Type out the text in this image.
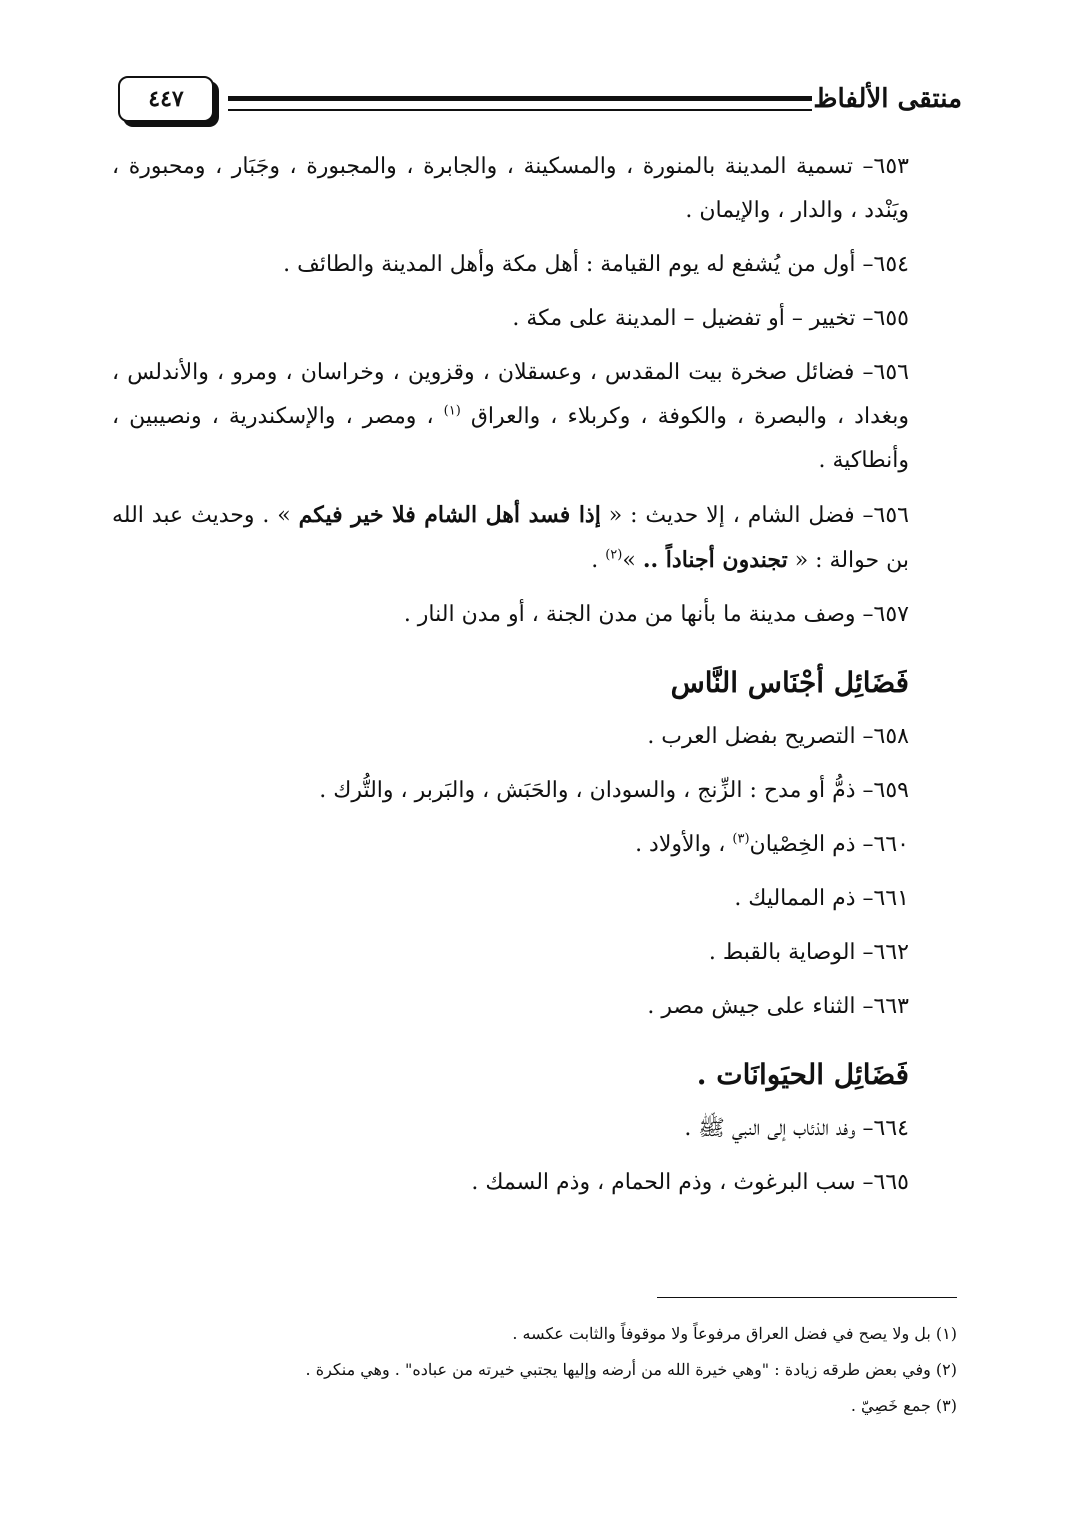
منتقى الألفاظ
٤٤٧

٦٥٣– تسمية المدينة بالمنورة ، والمسكينة ، والجابرة ، والمجبورة ، وجَبَار ، ومحبورة ، ويَنْدد ، والدار ، والإيمان .

٦٥٤– أول من يُشفع له يوم القيامة : أهل مكة وأهل المدينة والطائف .

٦٥٥– تخيير – أو تفضيل – المدينة على مكة .

٦٥٦– فضائل صخرة بيت المقدس ، وعسقلان ، وقزوين ، وخراسان ، ومرو ، والأندلس ، وبغداد ، والبصرة ، والكوفة ، وكربلاء ، والعراق $^{(١)}$ ، ومصر ، والإسكندرية ، ونصيبين ، وأنطاكية .

٦٥٦– فضل الشام ، إلا حديث : « إذا فسد أهل الشام فلا خير فيكم » . وحديث عبد الله بن حوالة : « تجندون أجناداً .. »$^{(٢)}$ .

٦٥٧– وصف مدينة ما بأنها من مدن الجنة ، أو مدن النار .

فَضَائِل أجْنَاس النَّاس

٦٥٨– التصريح بفضل العرب .

٦٥٩– ذمُّ أو مدح : الزِّنج ، والسودان ، والحَبَش ، والبَربر ، والتُّرك .

٦٦٠– ذم الخِصْيان$^{(٣)}$ ، والأولاد .

٦٦١– ذم المماليك .

٦٦٢– الوصاية بالقبط .

٦٦٣– الثناء على جيش مصر .

فَضَائِل الحيَوانَات .

٦٦٤– وفد الذئاب إلى النبي ﷺ .

٦٦٥– سب البرغوث ، وذم الحمام ، وذم السمك .

(١) بل ولا يصح في فضل العراق مرفوعاً ولا موقوفاً والثابت عكسه .

(٢) وفي بعض طرقه زيادة : "وهي خيرة الله من أرضه وإليها يجتبي خيرته من عباده" . وهي منكرة .

(٣) جمع خَصِيّ .
